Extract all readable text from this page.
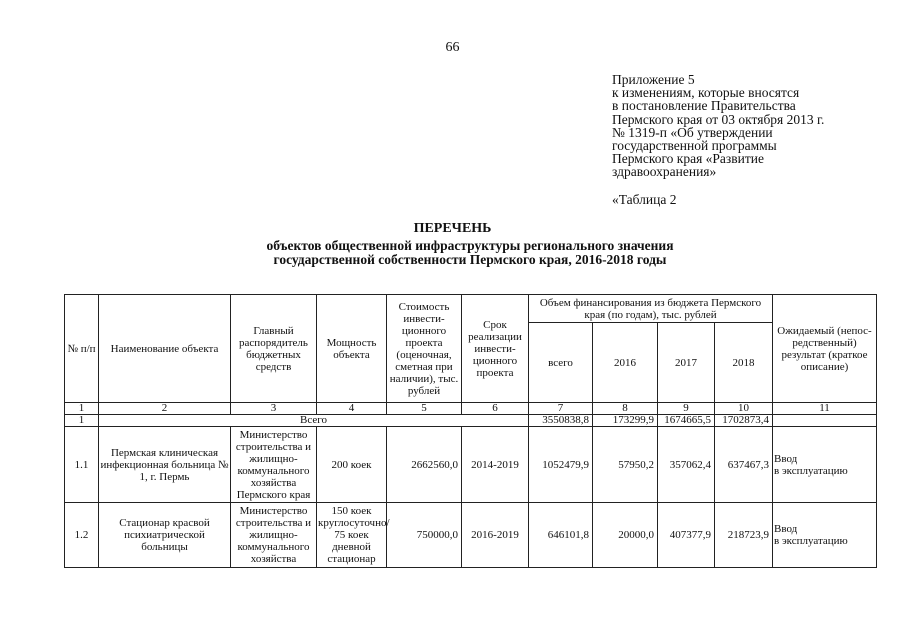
66
Приложение 5
к изменениям, которые вносятся
в постановление Правительства
Пермского края от 03 октября 2013 г.
№ 1319-п «Об утверждении
государственной программы
Пермского края «Развитие
здравоохранения»
«Таблица 2
ПЕРЕЧЕНЬ
объектов общественной инфраструктуры регионального значения
государственной собственности Пермского края, 2016-2018 годы
№ п/п	Наименование объекта	Главный распорядитель бюджетных средств	Мощность объекта	Стоимость инвести-ционного проекта (оценочная, сметная при наличии), тыс. рублей	Срок реализации инвести-ционного проекта	Объем финансирования из бюджета Пермского края (по годам), тыс. рублей				Ожидаемый (непос-редственный) результат (краткое описание)
						всего	2016	2017	2018	
1	2	3	4	5	6	7	8	9	10	11
1	Всего					3550838,8	173299,9	1674665,5	1702873,4	
1.1	Пермская клиническая инфекционная больница № 1, г. Пермь	Министерство строительства и жилищно-коммунального хозяйства Пермского края	200 коек	2662560,0	2014-2019	1052479,9	57950,2	357062,4	637467,3	Ввод
в эксплуатацию

1.2	Стационар красвой психиатрической больницы	Министерство строительства и жилищно-коммунального хозяйства	150 коек круглосуточно/ 75 коек дневной стационар	750000,0	2016-2019	646101,8	20000,0	407377,9	218723,9	Ввод
в эксплуатацию
